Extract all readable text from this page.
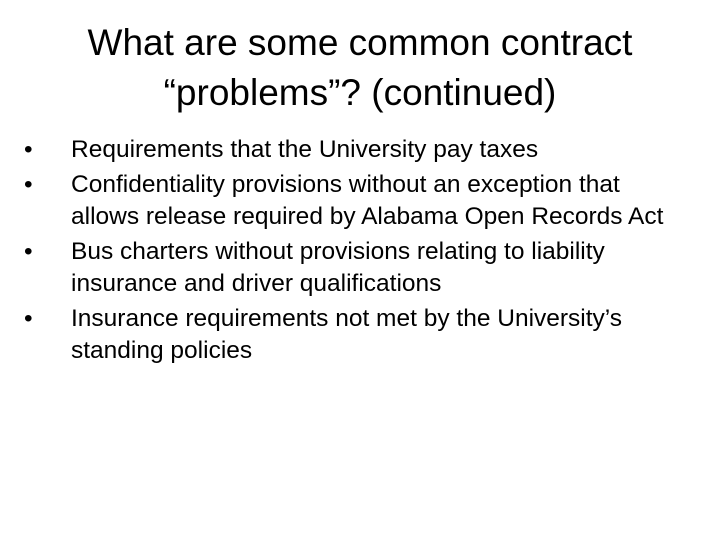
What are some common contract
“problems”? (continued)
•	Requirements that the University pay taxes
•	Confidentiality provisions without an exception that allows release required by Alabama Open Records Act
•	Bus charters without provisions relating to liability insurance and driver qualifications
•	Insurance requirements not met by the University’s standing policies
